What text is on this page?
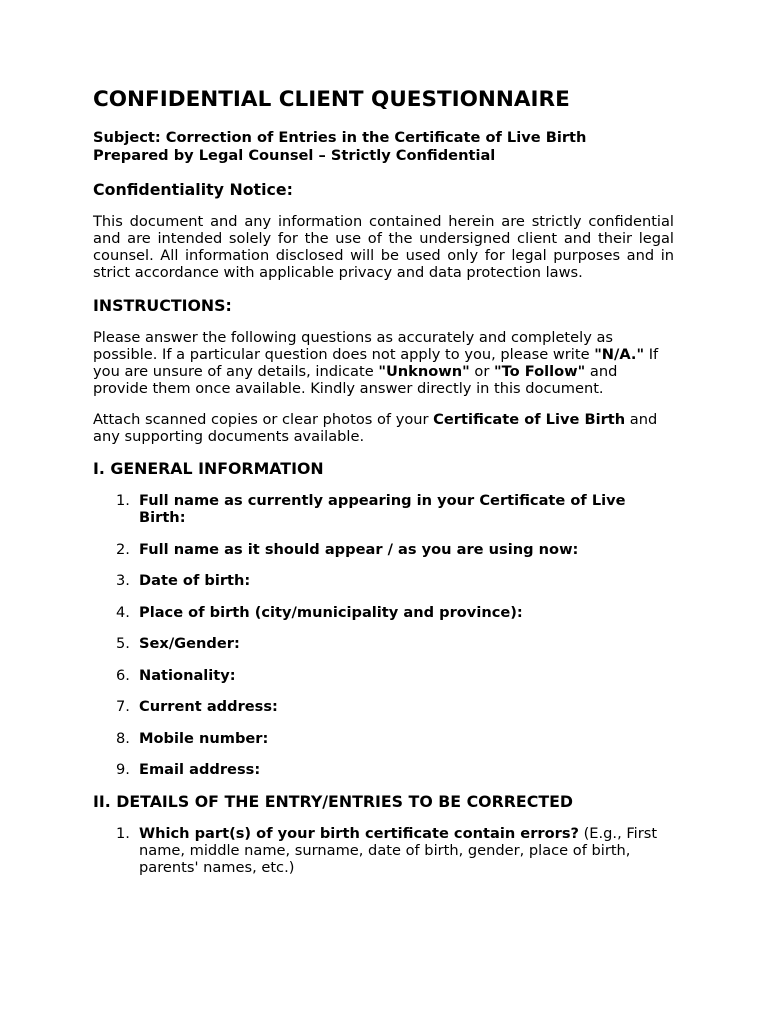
CONFIDENTIAL CLIENT QUESTIONNAIRE
Subject: Correction of Entries in the Certificate of Live Birth
Prepared by Legal Counsel – Strictly Confidential
Confidentiality Notice:

This document and any information contained herein are strictly confidential and are intended solely for the use of the undersigned client and their legal counsel. All information disclosed will be used only for legal purposes and in strict accordance with applicable privacy and data protection laws.

INSTRUCTIONS:

Please answer the following questions as accurately and completely as possible. If a particular question does not apply to you, please write "N/A." If you are unsure of any details, indicate "Unknown" or "To Follow" and provide them once available. Kindly answer directly in this document.

Attach scanned copies or clear photos of your Certificate of Live Birth and any supporting documents available.

I. GENERAL INFORMATION
1. Full name as currently appearing in your Certificate of Live Birth:
2. Full name as it should appear / as you are using now:
3. Date of birth:
4. Place of birth (city/municipality and province):
5. Sex/Gender:
6. Nationality:
7. Current address:
8. Mobile number:
9. Email address:
II. DETAILS OF THE ENTRY/ENTRIES TO BE CORRECTED
1. Which part(s) of your birth certificate contain errors? (E.g., First name, middle name, surname, date of birth, gender, place of birth, parents' names, etc.)
